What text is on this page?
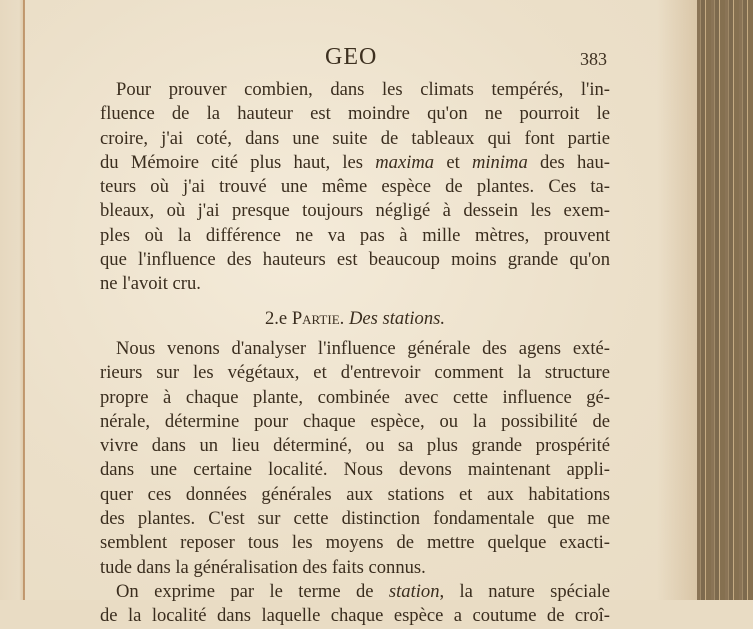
GEO	383
Pour prouver combien, dans les climats tempérés, l'in-
fluence de la hauteur est moindre qu'on ne pourroit le
croire, j'ai coté, dans une suite de tableaux qui font partie
du Mémoire cité plus haut, les maxima et minima des hau-
teurs où j'ai trouvé une même espèce de plantes. Ces ta-
bleaux, où j'ai presque toujours négligé à dessein les exem-
ples où la différence ne va pas à mille mètres, prouvent
que l'influence des hauteurs est beaucoup moins grande qu'on
ne l'avoit cru.
2.e Partie. Des stations.
Nous venons d'analyser l'influence générale des agens exté-
rieurs sur les végétaux, et d'entrevoir comment la structure
propre à chaque plante, combinée avec cette influence gé-
nérale, détermine pour chaque espèce, ou la possibilité de
vivre dans un lieu déterminé, ou sa plus grande prospérité
dans une certaine localité. Nous devons maintenant appli-
quer ces données générales aux stations et aux habitations
des plantes. C'est sur cette distinction fondamentale que me
semblent reposer tous les moyens de mettre quelque exacti-
tude dans la généralisation des faits connus.
On exprime par le terme de station, la nature spéciale
de la localité dans laquelle chaque espèce a coutume de croî-
